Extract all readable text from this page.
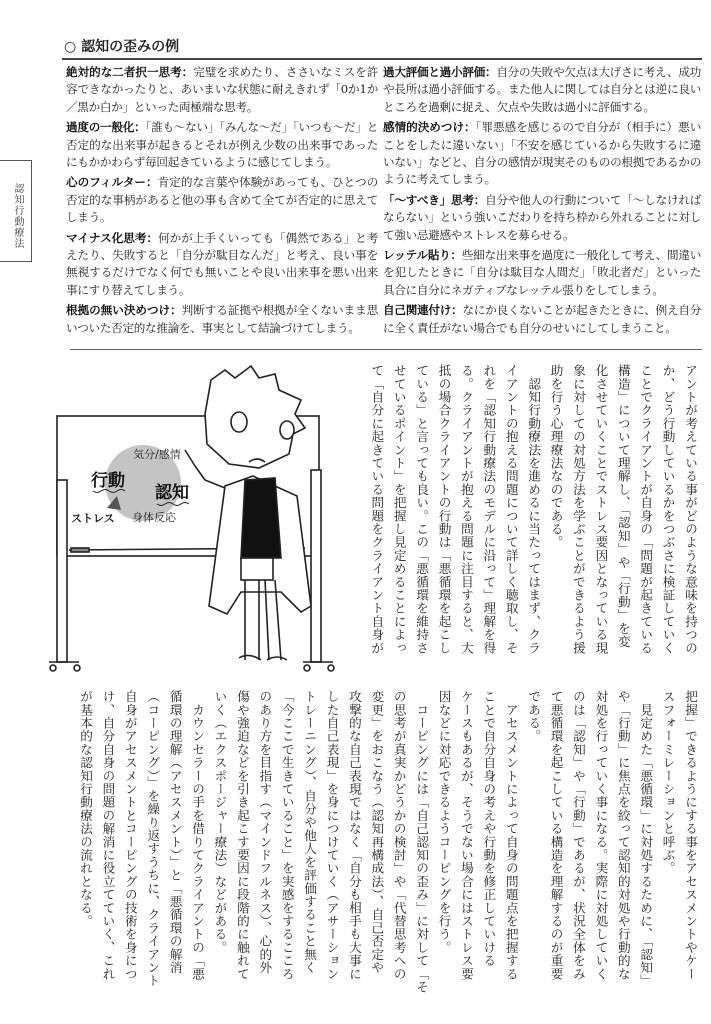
認知行動療法
○ 認知の歪みの例

絶対的な二者択一思考：完璧を求めたり、ささいなミスを許容できなかったりと、あいまいな状態に耐えきれず「0か1か／黒か白か」といった両極端な思考。

過度の一般化：「誰も〜ない」「みんな〜だ」「いつも〜だ」と否定的な出来事が起きるとそれが例え少数の出来事であったにもかかわらず毎回起きているように感じてしまう。

心のフィルター：肯定的な言葉や体験があっても、ひとつの否定的な事柄があると他の事も含めて全てが否定的に思えてしまう。

マイナス化思考：何かが上手くいっても「偶然である」と考えたり、失敗すると「自分が駄目なんだ」と考え、良い事を無視するだけでなく何でも無いことや良い出来事を悪い出来事にすり替えてしまう。

根拠の無い決めつけ：判断する証拠や根拠が全くないまま思いついた否定的な推論を、事実として結論づけてしまう。

過大評価と過小評価：自分の失敗や欠点は大げさに考え、成功や長所は過小評価する。また他人に関しては自分とは逆に良いところを過剰に捉え、欠点や失敗は過小に評価する。

感情的決めつけ：「罪悪感を感じるので自分が（相手に）悪いことをしたに違いない」「不安を感じているから失敗するに違いない」などと、自分の感情が現実そのものの根拠であるかのように考えてしまう。

「〜すべき」思考：自分や他人の行動について「〜しなければならない」という強いこだわりを持ち枠から外れることに対して強い忌避感やストレスを募らせる。

レッテル貼り：些細な出来事を過度に一般化して考え、間違いを犯したときに「自分は駄目な人間だ」「敗北者だ」といった具合に自分にネガティブなレッテル張りをしてしまう。

自己関連付け：なにか良くないことが起きたときに、例え自分に全く責任がない場合でも自分のせいにしてしまうこと。

気分/感情
行動
認知
ストレス 身体反応	アントが考えている事がどのような意味を持つの
か、どう行動しているかをつぶさに検証していく
ことでクライアントが自身の「問題が起きている
構造」について理解し、「認知」や「行動」を変
化させていくことでストレス要因となっている現
象に対しての対処方法を学ぶことができるよう援
助を行う心理療法なのである。
　認知行動療法を進めるに当たってはまず、クラ
イアントの抱える問題について詳しく聴取し、そ
れを「認知行動療法のモデルに沿って」理解を得
る。クライアントが抱える問題に注目すると、大
抵の場合クライアントの行動は「悪循環を起こし
ている」と言っても良い。この「悪循環を維持さ
せているポイント」を把握し見定めることによっ
て「自分に起きている問題をクライアント自身が
把握」できるようにする事をアセスメントやケー
スフォーミレーションと呼ぶ。
　見定めた「悪循環」に対処するために、「認知」
や「行動」に焦点を絞って認知的対処や行動的な
対処を行っていく事になる。実際に対処していく
のは「認知」や「行動」であるが、状況全体をみ
て悪循環を起こしている構造を理解するのが重要
である。
　アセスメントによって自身の問題点を把握する
ことで自分自身の考えや行動を修正していける
ケースもあるが、そうでない場合にはストレス要
因などに対応できるようコーピングを行う。
　コーピングには「自己認知の歪み」に対して「そ
の思考が真実かどうかの検討」や「代替思考への
変更」をおこなう（認知再構成法）、自己否定や
攻撃的な自己表現ではなく「自分も相手も大事に
した自己表現」を身につけていく（アサーション
トレーニング）、自分や他人を評価すること無く
「今ここで生きていること」を実感をするこころ
のあり方を目指す（マインドフルネス）、心的外
傷や強迫などを引き起こす要因に段階的に触れて
いく（エクスポージャー療法）などがある。
　カウンセラーの手を借りてクライアントの「悪
循環の理解（アセスメント）」と「悪循環の解消
（コーピング）」を繰り返すうちに、クライアント
自身がアセスメントとコーピングの技術を身につ
け、自分自身の問題の解消に役立てていく、これ
が基本的な認知行動療法の流れとなる。
